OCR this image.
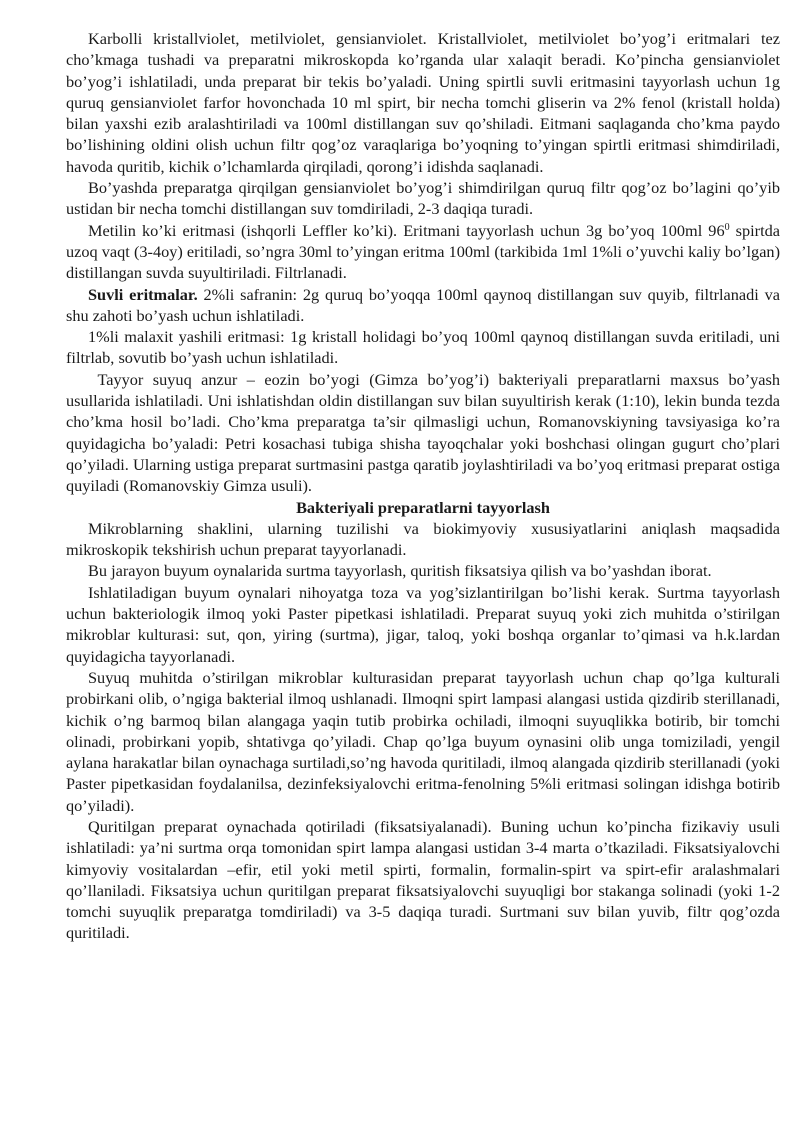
Karbolli kristallviolet, metilviolet, gensianviolet. Kristallviolet, metilviolet bo’yog’i eritmalari tez cho’kmaga tushadi va preparatni mikroskopda ko’rganda ular xalaqit beradi. Ko’pincha gensianviolet bo’yog’i ishlatiladi, unda preparat bir tekis bo’yaladi. Uning spirtli suvli eritmasini tayyorlash uchun 1g quruq gensianviolet farfor hovonchada 10 ml spirt, bir necha tomchi gliserin va 2% fenol (kristall holda) bilan yaxshi ezib aralashtiriladi va 100ml distillangan suv qo’shiladi. Eitmani saqlaganda cho’kma paydo bo’lishining oldini olish uchun filtr qog’oz varaqlariga bo’yoqning to’yingan spirtli eritmasi shimdiriladi, havoda quritib, kichik o’lchamlarda qirqiladi, qorong’i idishda saqlanadi.

Bo’yashda preparatga qirqilgan gensianviolet bo’yog’i shimdirilgan quruq filtr qog’oz bo’lagini qo’yib ustidan bir necha tomchi distillangan suv tomdiriladi, 2-3 daqiqa turadi.

Metilin ko’ki eritmasi (ishqorli Leffler ko’ki). Eritmani tayyorlash uchun 3g bo’yoq 100ml $96^0$ spirtda uzoq vaqt (3-4oy) eritiladi, so’ngra 30ml to’yingan eritma 100ml (tarkibida 1ml 1%li o’yuvchi kaliy bo’lgan) distillangan suvda suyultiriladi. Filtrlanadi.

Suvli eritmalar. 2%li safranin: 2g quruq bo’yoqqa 100ml qaynoq distillangan suv quyib, filtrlanadi va shu zahoti bo’yash uchun ishlatiladi.

1%li malaxit yashili eritmasi: 1g kristall holidagi bo’yoq 100ml qaynoq distillangan suvda eritiladi, uni filtrlab, sovutib bo’yash uchun ishlatiladi.

Tayyor suyuq anzur – eozin bo’yogi (Gimza bo’yog’i) bakteriyali preparatlarni maxsus bo’yash usullarida ishlatiladi. Uni ishlatishdan oldin distillangan suv bilan suyultirish kerak (1:10), lekin bunda tezda cho’kma hosil bo’ladi. Cho’kma preparatga ta’sir qilmasligi uchun, Romanovskiyning tavsiyasiga ko’ra quyidagicha bo’yaladi: Petri kosachasi tubiga shisha tayoqchalar yoki boshchasi olingan gugurt cho’plari qo’yiladi. Ularning ustiga preparat surtmasini pastga qaratib joylashtiriladi va bo’yoq eritmasi preparat ostiga quyiladi (Romanovskiy Gimza usuli).

Bakteriyali preparatlarni tayyorlash

Mikroblarning shaklini, ularning tuzilishi va biokimyoviy xususiyatlarini aniqlash maqsadida mikroskopik tekshirish uchun preparat tayyorlanadi.

Bu jarayon buyum oynalarida surtma tayyorlash, quritish fiksatsiya qilish va bo’yashdan iborat.

Ishlatiladigan buyum oynalari nihoyatga toza va yog’sizlantirilgan bo’lishi kerak. Surtma tayyorlash uchun bakteriologik ilmoq yoki Paster pipetkasi ishlatiladi. Preparat suyuq yoki zich muhitda o’stirilgan mikroblar kulturasi: sut, qon, yiring (surtma), jigar, taloq, yoki boshqa organlar to’qimasi va h.k.lardan quyidagicha tayyorlanadi.

Suyuq muhitda o’stirilgan mikroblar kulturasidan preparat tayyorlash uchun chap qo’lga kulturali probirkani olib, o’ngiga bakterial ilmoq ushlanadi. Ilmoqni spirt lampasi alangasi ustida qizdirib sterillanadi, kichik o’ng barmoq bilan alangaga yaqin tutib probirka ochiladi, ilmoqni suyuqlikka botirib, bir tomchi olinadi, probirkani yopib, shtativga qo’yiladi. Chap qo’lga buyum oynasini olib unga tomiziladi, yengil aylana harakatlar bilan oynachaga surtiladi,so’ng havoda quritiladi, ilmoq alangada qizdirib sterillanadi (yoki Paster pipetkasidan foydalanilsa, dezinfeksiyalovchi eritma-fenolning 5%li eritmasi solingan idishga botirib qo’yiladi).

Quritilgan preparat oynachada qotiriladi (fiksatsiyalanadi). Buning uchun ko’pincha fizikaviy usuli ishlatiladi: ya’ni surtma orqa tomonidan spirt lampa alangasi ustidan 3-4 marta o’tkaziladi. Fiksatsiyalovchi kimyoviy vositalardan –efir, etil yoki metil spirti, formalin, formalin-spirt va spirt-efir aralashmalari qo’llaniladi. Fiksatsiya uchun quritilgan preparat fiksatsiyalovchi suyuqligi bor stakanga solinadi (yoki 1-2 tomchi suyuqlik preparatga tomdiriladi) va 3-5 daqiqa turadi. Surtmani suv bilan yuvib, filtr qog’ozda quritiladi.
